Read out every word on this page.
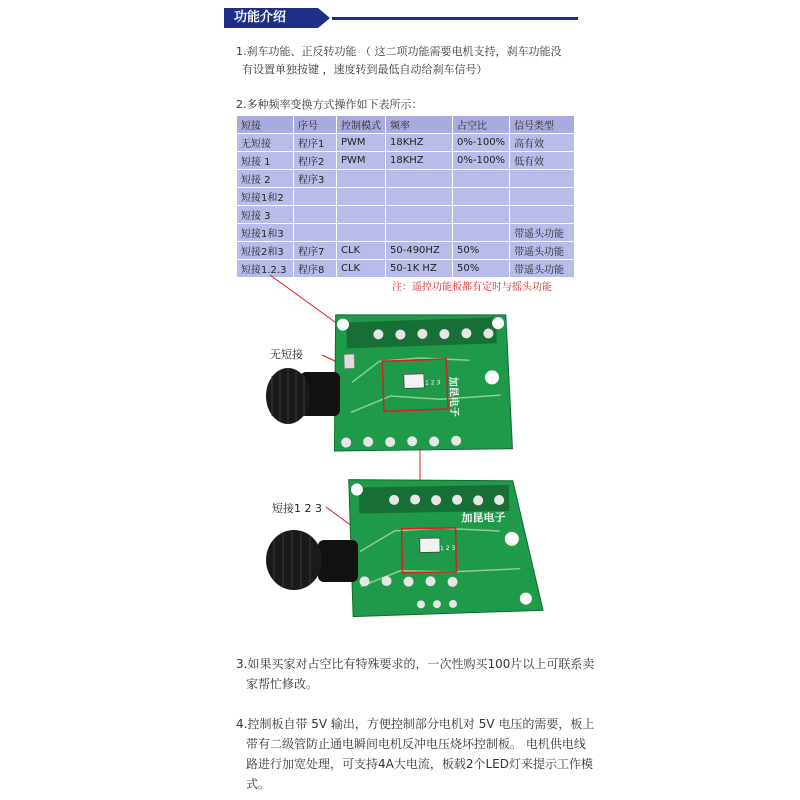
功能介绍
1.刹车功能、正反转功能 （ 这二项功能需要电机支持，刹车功能没
有设置单独按键 ，速度转到最低自动给刹车信号）
2.多种频率变换方式操作如下表所示：
短接	序号	控制模式	频率	占空比	信号类型
无短接	程序1	PWM	18KHZ	0%-100%	高有效
短接 1	程序2	PWM	18KHZ	0%-100%	低有效
短接 2	程序3				
短接1和2					
短接 3					
短接1和3					带遥头功能
短接2和3	程序7	CLK	50-490HZ	50%	带遥头功能
短接1.2.3	程序8	CLK	50-1K HZ	50%	带遥头功能
注：遥控功能板都有定时与摇头功能
1 2 3 加昆电子
1 2 3
加昆电子
无短接
短接1 2 3
3.如果买家对占空比有特殊要求的，一次性购买100片以上可联系卖
家帮忙修改。
4.控制板自带 5V 输出，方便控制部分电机对 5V 电压的需要，板上
带有二级管防止通电瞬间电机反冲电压烧坏控制板。 电机供电线
路进行加宽处理，可支持4A大电流，板载2个LED灯来提示工作模
式。
